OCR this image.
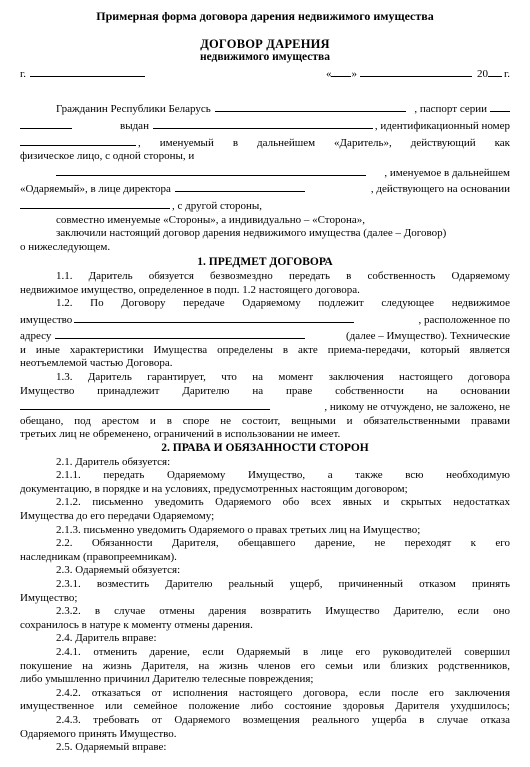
Примерная форма договора дарения недвижимого имущества
ДОГОВОР ДАРЕНИЯ
недвижимого имущества
г.	« »	20 г.
Гражданин Республики Беларусь	, паспорт серии
выдан	, идентификационный номер
, именуемый в дальнейшем «Даритель», действующий как
физическое лицо, с одной стороны, и
, именуемое в дальнейшем
«Одаряемый», в лице директора	, действующего на основании
, с другой стороны,
совместно именуемые «Стороны», а индивидуально – «Сторона»,
заключили настоящий договор дарения недвижимого имущества (далее – Договор)
о нижеследующем.
1. ПРЕДМЕТ ДОГОВОРА
1.1. Даритель обязуется безвозмездно передать в собственность Одаряемому
недвижимое имущество, определенное в подп. 1.2 настоящего договора.
1.2. По Договору передаче Одаряемому подлежит следующее недвижимое
имущество	, расположенное по
адресу	(далее – Имущество). Технические
и иные характеристики Имущества определены в акте приема-передачи, который является
неотъемлемой частью Договора.
1.3. Даритель гарантирует, что на момент заключения настоящего договора
Имущество принадлежит Дарителю на праве собственности на основании
, никому не отчуждено, не заложено, не
обещано, под арестом и в споре не состоит, вещными и обязательственными правами
третьих лиц не обременено, ограничений в использовании не имеет.
2. ПРАВА И ОБЯЗАННОСТИ СТОРОН
2.1. Даритель обязуется:
2.1.1. передать Одаряемому Имущество, а также всю необходимую
документацию, в порядке и на условиях, предусмотренных настоящим договором;
2.1.2. письменно уведомить Одаряемого обо всех явных и скрытых недостатках
Имущества до его передачи Одаряемому;
2.1.3. письменно уведомить Одаряемого о правах третьих лиц на Имущество;
2.2. Обязанности Дарителя, обещавшего дарение, не переходят к его
наследникам (правопреемникам).
2.3. Одаряемый обязуется:
2.3.1. возместить Дарителю реальный ущерб, причиненный отказом принять
Имущество;
2.3.2. в случае отмены дарения возвратить Имущество Дарителю, если оно
сохранилось в натуре к моменту отмены дарения.
2.4. Даритель вправе:
2.4.1. отменить дарение, если Одаряемый в лице его руководителей совершил
покушение на жизнь Дарителя, на жизнь членов его семьи или близких родственников,
либо умышленно причинил Дарителю телесные повреждения;
2.4.2. отказаться от исполнения настоящего договора, если после его заключения
имущественное или семейное положение либо состояние здоровья Дарителя ухудшилось;
2.4.3. требовать от Одаряемого возмещения реального ущерба в случае отказа
Одаряемого принять Имущество.
2.5. Одаряемый вправе:
